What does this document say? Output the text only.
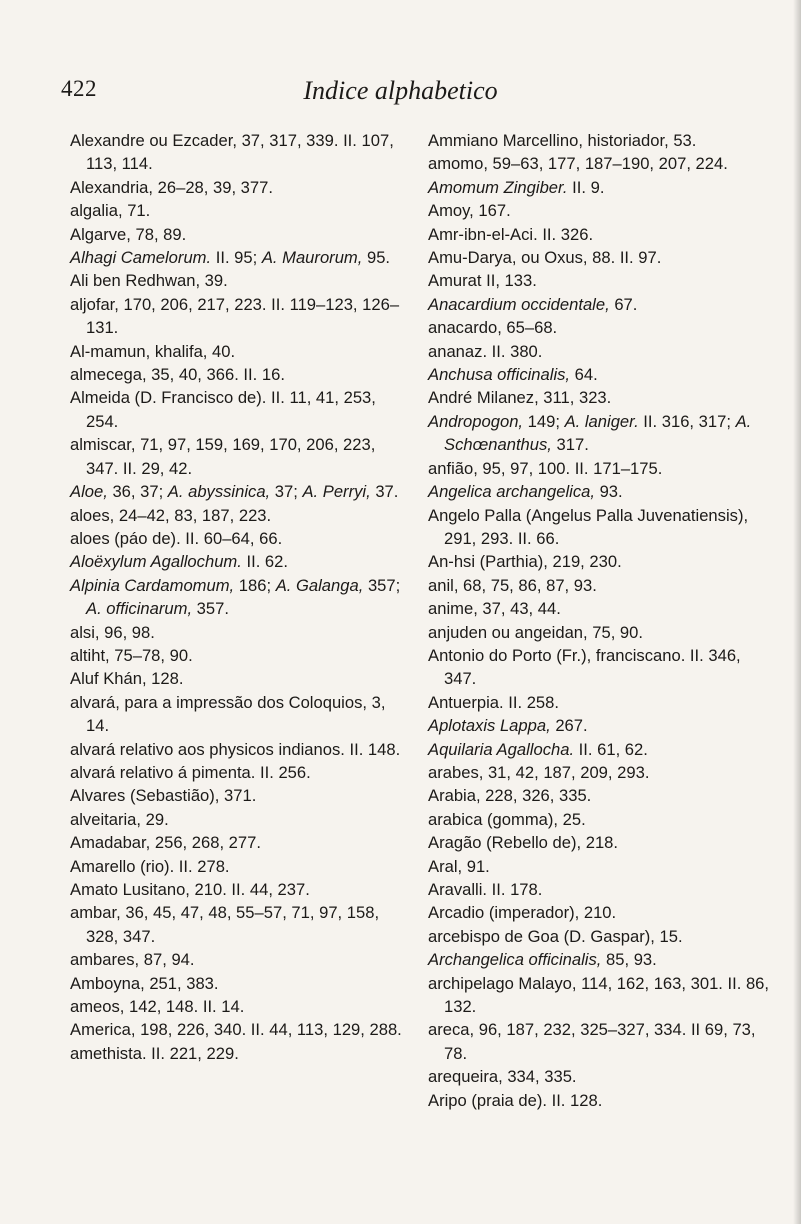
422	Indice alphabetico

Alexandre ou Ezcader, 37, 317, 339. II. 107, 113, 114.

Alexandria, 26–28, 39, 377.

algalia, 71.

Algarve, 78, 89.

Alhagi Camelorum. II. 95; A. Maurorum, 95.

Ali ben Redhwan, 39.

aljofar, 170, 206, 217, 223. II. 119–123, 126–131.

Al-mamun, khalifa, 40.

almecega, 35, 40, 366. II. 16.

Almeida (D. Francisco de). II. 11, 41, 253, 254.

almiscar, 71, 97, 159, 169, 170, 206, 223, 347. II. 29, 42.

Aloe, 36, 37; A. abyssinica, 37; A. Perryi, 37.

aloes, 24–42, 83, 187, 223.

aloes (páo de). II. 60–64, 66.

Aloëxylum Agallochum. II. 62.

Alpinia Cardamomum, 186; A. Galanga, 357; A. officinarum, 357.

alsi, 96, 98.

altiht, 75–78, 90.

Aluf Khán, 128.

alvará, para a impressão dos Coloquios, 3, 14.

alvará relativo aos physicos indianos. II. 148.

alvará relativo á pimenta. II. 256.

Alvares (Sebastião), 371.

alveitaria, 29.

Amadabar, 256, 268, 277.

Amarello (rio). II. 278.

Amato Lusitano, 210. II. 44, 237.

ambar, 36, 45, 47, 48, 55–57, 71, 97, 158, 328, 347.

ambares, 87, 94.

Amboyna, 251, 383.

ameos, 142, 148. II. 14.

America, 198, 226, 340. II. 44, 113, 129, 288.

amethista. II. 221, 229.

Ammiano Marcellino, historiador, 53.

amomo, 59–63, 177, 187–190, 207, 224.

Amomum Zingiber. II. 9.

Amoy, 167.

Amr-ibn-el-Aci. II. 326.

Amu-Darya, ou Oxus, 88. II. 97.

Amurat II, 133.

Anacardium occidentale, 67.

anacardo, 65–68.

ananaz. II. 380.

Anchusa officinalis, 64.

André Milanez, 311, 323.

Andropogon, 149; A. laniger. II. 316, 317; A. Schœnanthus, 317.

anfião, 95, 97, 100. II. 171–175.

Angelica archangelica, 93.

Angelo Palla (Angelus Palla Juvenatiensis), 291, 293. II. 66.

An-hsi (Parthia), 219, 230.

anil, 68, 75, 86, 87, 93.

anime, 37, 43, 44.

anjuden ou angeidan, 75, 90.

Antonio do Porto (Fr.), franciscano. II. 346, 347.

Antuerpia. II. 258.

Aplotaxis Lappa, 267.

Aquilaria Agallocha. II. 61, 62.

arabes, 31, 42, 187, 209, 293.

Arabia, 228, 326, 335.

arabica (gomma), 25.

Aragão (Rebello de), 218.

Aral, 91.

Aravalli. II. 178.

Arcadio (imperador), 210.

arcebispo de Goa (D. Gaspar), 15.

Archangelica officinalis, 85, 93.

archipelago Malayo, 114, 162, 163, 301. II. 86, 132.

areca, 96, 187, 232, 325–327, 334. II 69, 73, 78.

arequeira, 334, 335.

Aripo (praia de). II. 128.
